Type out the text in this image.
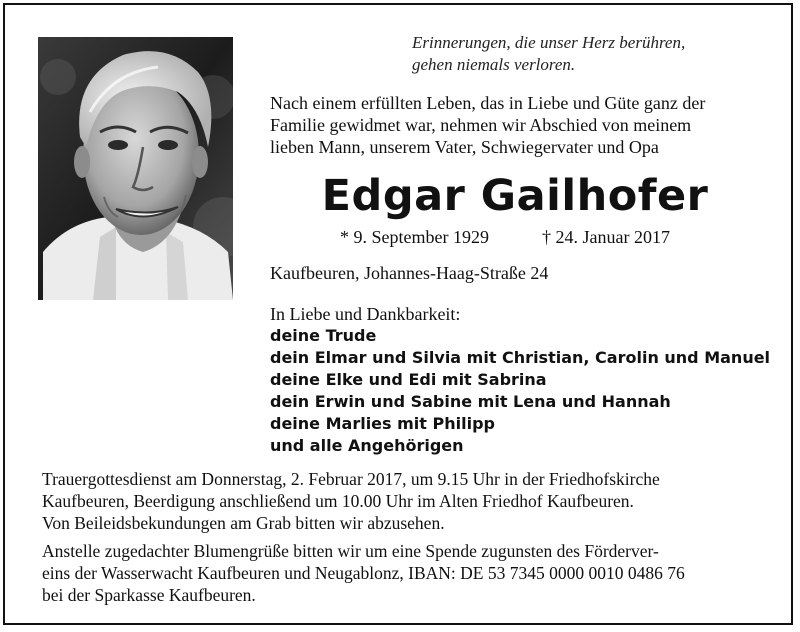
Erinnerungen, die unser Herz berühren,
gehen niemals verloren.
Nach einem erfüllten Leben, das in Liebe und Güte ganz der
Familie gewidmet war, nehmen wir Abschied von meinem
lieben Mann, unserem Vater, Schwiegervater und Opa
Edgar Gailhofer
* 9. September 1929	† 24. Januar 2017
Kaufbeuren, Johannes-Haag-Straße 24
In Liebe und Dankbarkeit:
deine Trude
dein Elmar und Silvia mit Christian, Carolin und Manuel
deine Elke und Edi mit Sabrina
dein Erwin und Sabine mit Lena und Hannah
deine Marlies mit Philipp
und alle Angehörigen
Trauergottesdienst am Donnerstag, 2. Februar 2017, um 9.15 Uhr in der Friedhofskirche
Kaufbeuren, Beerdigung anschließend um 10.00 Uhr im Alten Friedhof Kaufbeuren.
Von Beileidsbekundungen am Grab bitten wir abzusehen.
Anstelle zugedachter Blumengrüße bitten wir um eine Spende zugunsten des Förderver-
eins der Wasserwacht Kaufbeuren und Neugablonz, IBAN: DE 53 7345 0000 0010 0486 76
bei der Sparkasse Kaufbeuren.
